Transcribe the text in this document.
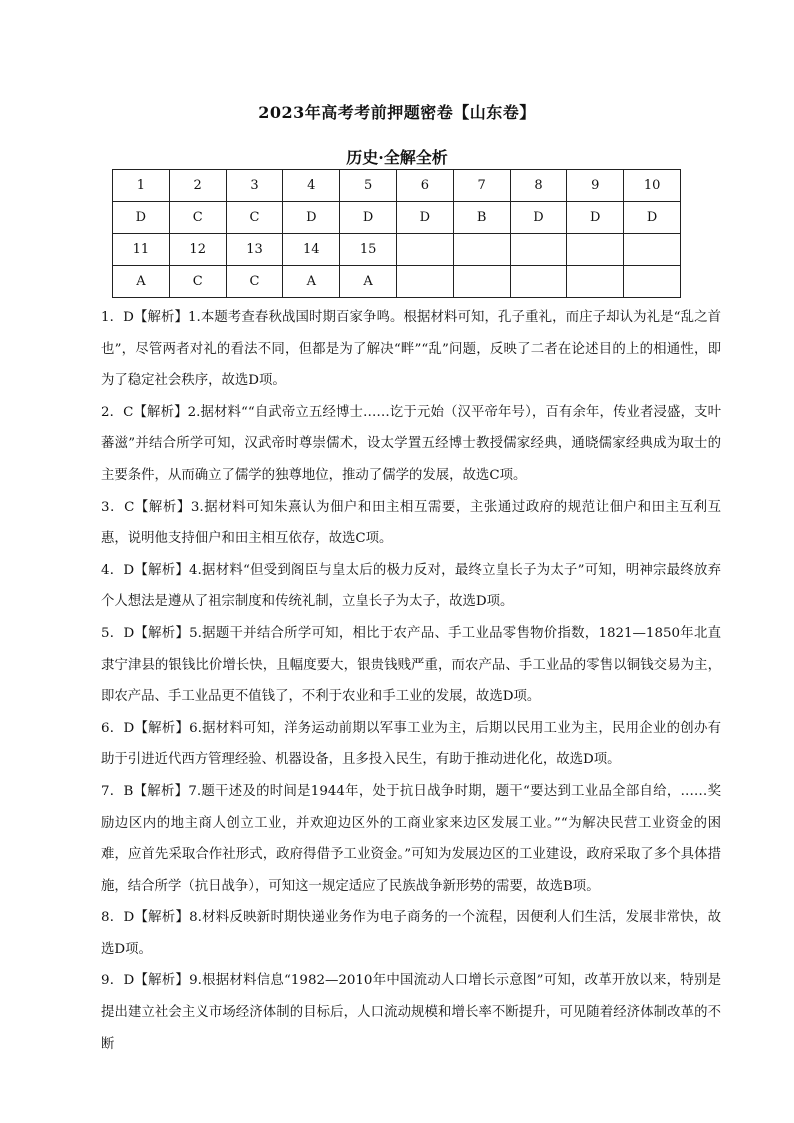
2023年高考考前押题密卷【山东卷】
历史·全解全析
1	2	3	4	5	6	7	8	9	10
D	C	C	D	D	D	B	D	D	D
11	12	13	14	15					
A	C	C	A	A					

1．D【解析】1.本题考查春秋战国时期百家争鸣。根据材料可知，孔子重礼，而庄子却认为礼是“乱之首也”，尽管两者对礼的看法不同，但都是为了解决“畔”“乱”问题，反映了二者在论述目的上的相通性，即为了稳定社会秩序，故选D项。

2．C【解析】2.据材料““自武帝立五经博士……讫于元始（汉平帝年号），百有余年，传业者浸盛，支叶蕃滋”并结合所学可知，汉武帝时尊崇儒术，设太学置五经博士教授儒家经典，通晓儒家经典成为取士的主要条件，从而确立了儒学的独尊地位，推动了儒学的发展，故选C项。

3．C【解析】3.据材料可知朱熹认为佃户和田主相互需要，主张通过政府的规范让佃户和田主互利互惠，说明他支持佃户和田主相互依存，故选C项。

4．D【解析】4.据材料“但受到阁臣与皇太后的极力反对，最终立皇长子为太子”可知，明神宗最终放弃个人想法是遵从了祖宗制度和传统礼制，立皇长子为太子，故选D项。

5．D【解析】5.据题干并结合所学可知，相比于农产品、手工业品零售物价指数，1821—1850年北直隶宁津县的银钱比价增长快，且幅度要大，银贵钱贱严重，而农产品、手工业品的零售以铜钱交易为主，即农产品、手工业品更不值钱了，不利于农业和手工业的发展，故选D项。

6．D【解析】6.据材料可知，洋务运动前期以军事工业为主，后期以民用工业为主，民用企业的创办有助于引进近代西方管理经验、机器设备，且多投入民生，有助于推动进化化，故选D项。

7．B【解析】7.题干述及的时间是1944年，处于抗日战争时期，题干“要达到工业品全部自给，……奖励边区内的地主商人创立工业，并欢迎边区外的工商业家来边区发展工业。”“为解决民营工业资金的困难，应首先采取合作社形式，政府得借予工业资金。”可知为发展边区的工业建设，政府采取了多个具体措施，结合所学（抗日战争），可知这一规定适应了民族战争新形势的需要，故选B项。

8．D【解析】8.材料反映新时期快递业务作为电子商务的一个流程，因便利人们生活，发展非常快，故选D项。

9．D【解析】9.根据材料信息“1982—2010年中国流动人口增长示意图”可知，改革开放以来，特别是提出建立社会主义市场经济体制的目标后，人口流动规模和增长率不断提升，可见随着经济体制改革的不断
